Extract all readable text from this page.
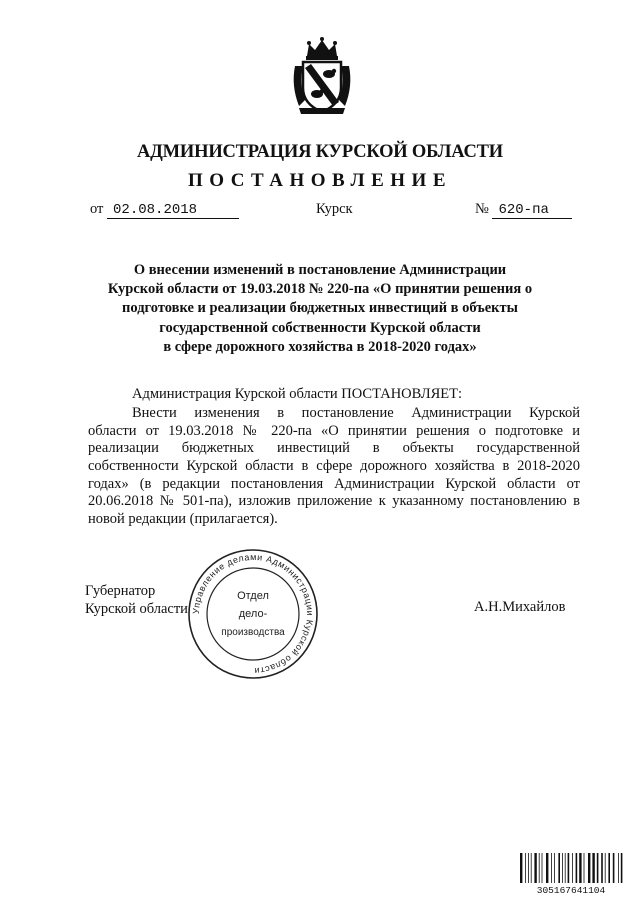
АДМИНИСТРАЦИЯ КУРСКОЙ ОБЛАСТИ
ПОСТАНОВЛЕНИЕ
от 02.08.2018	Курск	№ 620-па
О внесении изменений в постановление Администрации
Курской области от 19.03.2018 № 220-па «О принятии решения о
подготовке и реализации бюджетных инвестиций в объекты
государственной собственности Курской области
в сфере дорожного хозяйства в 2018-2020 годах»
Администрация Курской области ПОСТАНОВЛЯЕТ:
Внести изменения в постановление Администрации Курской
области от 19.03.2018 № 220-па «О принятии решения о подготовке и
реализации бюджетных инвестиций в объекты государственной
собственности Курской области в сфере дорожного хозяйства в 2018-2020
годах» (в редакции постановления Администрации Курской области от
20.06.2018 № 501-па), изложив приложение к указанному постановлению в
новой редакции (прилагается).
Губернатор
Курской области	А.Н.Михайлов
Управление делами Администрации Курской области
Отдел
дело-
производства
305167641104
